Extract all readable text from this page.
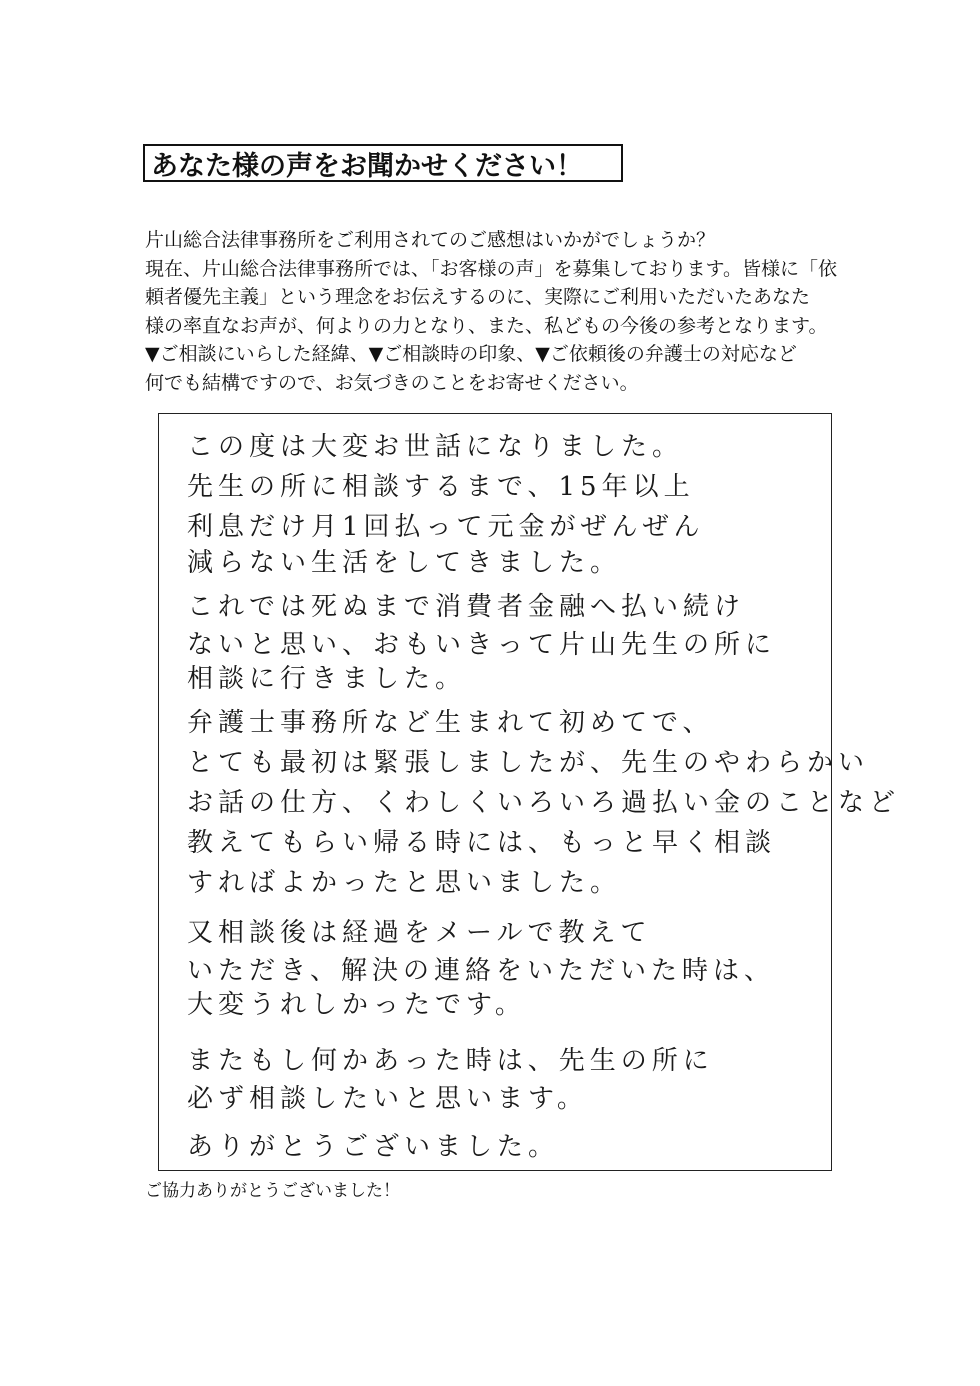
あなた様の声をお聞かせください！

片山総合法律事務所をご利用されてのご感想はいかがでしょうか？

現在、片山総合法律事務所では、「お客様の声」を募集しております。皆様に「依

頼者優先主義」という理念をお伝えするのに、実際にご利用いただいたあなた

様の率直なお声が、何よりの力となり、また、私どもの今後の参考となります。

▼ご相談にいらした経緯、▼ご相談時の印象、▼ご依頼後の弁護士の対応など

何でも結構ですので、お気づきのことをお寄せください。

この度は大変お世話になりました。

先生の所に相談するまで、15年以上

利息だけ月1回払って元金がぜんぜん

減らない生活をしてきました。

これでは死ぬまで消費者金融へ払い続け

ないと思い、おもいきって片山先生の所に

相談に行きました。

弁護士事務所など生まれて初めてで、

とても最初は緊張しましたが、先生のやわらかい

お話の仕方、くわしくいろいろ過払い金のことなど

教えてもらい帰る時には、もっと早く相談

すればよかったと思いました。

又相談後は経過をメールで教えて

いただき、解決の連絡をいただいた時は、

大変うれしかったです。

またもし何かあった時は、先生の所に

必ず相談したいと思います。

ありがとうございました。

ご協力ありがとうございました！
